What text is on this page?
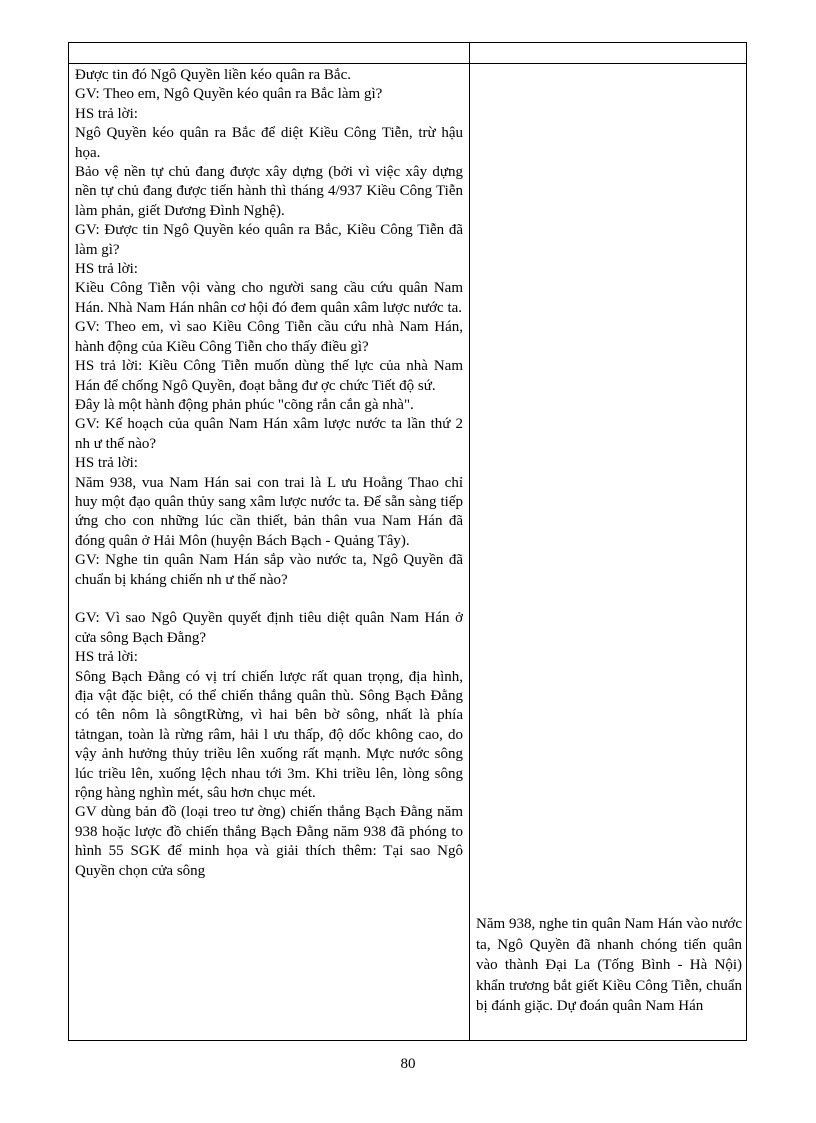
Được tin đó Ngô Quyền liền kéo quân ra Bắc.

GV: Theo em, Ngô Quyền kéo quân ra Bắc làm gì?

HS trả lời:

Ngô Quyền kéo quân ra Bắc để diệt Kiều Công Tiễn, trừ hậu họa.

Bảo vệ nền tự chủ đang được xây dựng (bởi vì việc xây dựng nền tự chủ đang được tiến hành thì tháng 4/937 Kiều Công Tiễn làm phản, giết Dương Đình Nghệ).

GV: Được tin Ngô Quyền kéo quân ra Bắc, Kiều Công Tiễn đã làm gì?

HS trả lời:

Kiều Công Tiễn vội vàng cho người sang cầu cứu quân Nam Hán. Nhà Nam Hán nhân cơ hội đó đem quân xâm lược nước ta.

GV: Theo em, vì sao Kiều Công Tiễn cầu cứu nhà Nam Hán, hành động của Kiều Công Tiễn cho thấy điều gì?

HS trả lời: Kiều Công Tiễn muốn dùng thế lực của nhà Nam Hán để chống Ngô Quyền, đoạt bằng đư ợc chức Tiết độ sứ.

Đây là một hành động phản phúc "cõng rắn cắn gà nhà".

GV: Kế hoạch của quân Nam Hán xâm lược nước ta lần thứ 2 nh ư thế nào?

HS trả lời:

Năm 938, vua Nam Hán sai con trai là L ưu Hoằng Thao chỉ huy một đạo quân thủy sang xâm lược nước ta. Để sẵn sàng tiếp ứng cho con những lúc cần thiết, bản thân vua Nam Hán đã đóng quân ở Hải Môn (huyện Bách Bạch - Quảng Tây).

GV: Nghe tin quân Nam Hán sắp vào nước ta, Ngô Quyền đã chuẩn bị kháng chiến nh ư thế nào?

GV: Vì sao Ngô Quyền quyết định tiêu diệt quân Nam Hán ở cửa sông Bạch Đằng?

HS trả lời:

Sông Bạch Đằng có vị trí chiến lược rất quan trọng, địa hình, địa vật đặc biệt, có thể chiến thắng quân thù. Sông Bạch Đằng có tên nôm là sôngtRừng, vì hai bên bờ sông, nhất là phía tảtngan, toàn là rừng râm, hải l ưu thấp, độ dốc không cao, do vậy ảnh hưởng thủy triều lên xuống rất mạnh. Mực nước sông lúc triều lên, xuống lệch nhau tới 3m. Khi triều lên, lòng sông rộng hàng nghìn mét, sâu hơn chục mét.

GV dùng bản đồ (loại treo tư ờng) chiến thắng Bạch Đằng năm 938 hoặc lược đồ chiến thắng Bạch Đằng năm 938 đã phóng to hình 55 SGK để minh họa và giải thích thêm: Tại sao Ngô Quyền chọn cửa sông

Năm 938, nghe tin quân Nam Hán vào nước ta, Ngô Quyền đã nhanh chóng tiến quân vào thành Đại La (Tống Bình - Hà Nội) khẩn trương bắt giết Kiều Công Tiễn, chuẩn bị đánh giặc. Dự đoán quân Nam Hán

80
